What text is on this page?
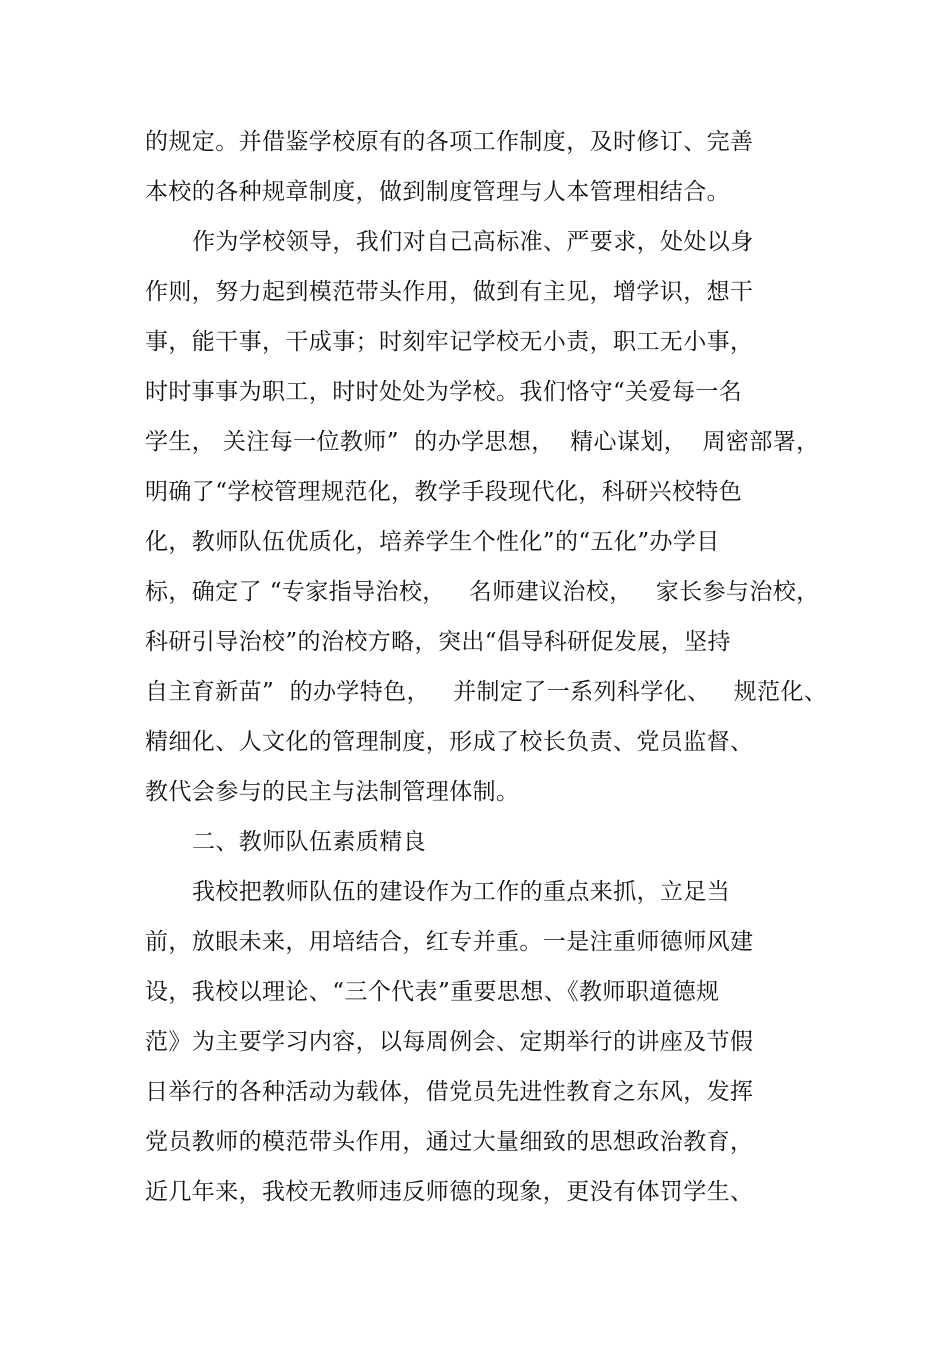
的规定。并借鉴学校原有的各项工作制度，及时修订、完善
本校的各种规章制度，做到制度管理与人本管理相结合。
作为学校领导，我们对自己高标准、严要求，处处以身
作则，努力起到模范带头作用，做到有主见，增学识，想干
事，能干事，干成事；时刻牢记学校无小责，职工无小事，
时时事事为职工，时时处处为学校。我们恪守“关爱每一名
学生， 关注每一位教师”  的办学思想，  精心谋划，  周密部署，
明确了“学校管理规范化，教学手段现代化，科研兴校特色
化，教师队伍优质化，培养学生个性化”的“五化”办学目
标，确定了 “专家指导治校，   名师建议治校，   家长参与治校，
科研引导治校”的治校方略，突出“倡导科研促发展，坚持
自主育新苗”  的办学特色，   并制定了一系列科学化、   规范化、
精细化、人文化的管理制度，形成了校长负责、党员监督、
教代会参与的民主与法制管理体制。
二、教师队伍素质精良
我校把教师队伍的建设作为工作的重点来抓，立足当
前，放眼未来，用培结合，红专并重。一是注重师德师风建
设，我校以理论、“三个代表”重要思想、《教师职道德规
范》为主要学习内容，以每周例会、定期举行的讲座及节假
日举行的各种活动为载体，借党员先进性教育之东风，发挥
党员教师的模范带头作用，通过大量细致的思想政治教育，
近几年来，我校无教师违反师德的现象，更没有体罚学生、
